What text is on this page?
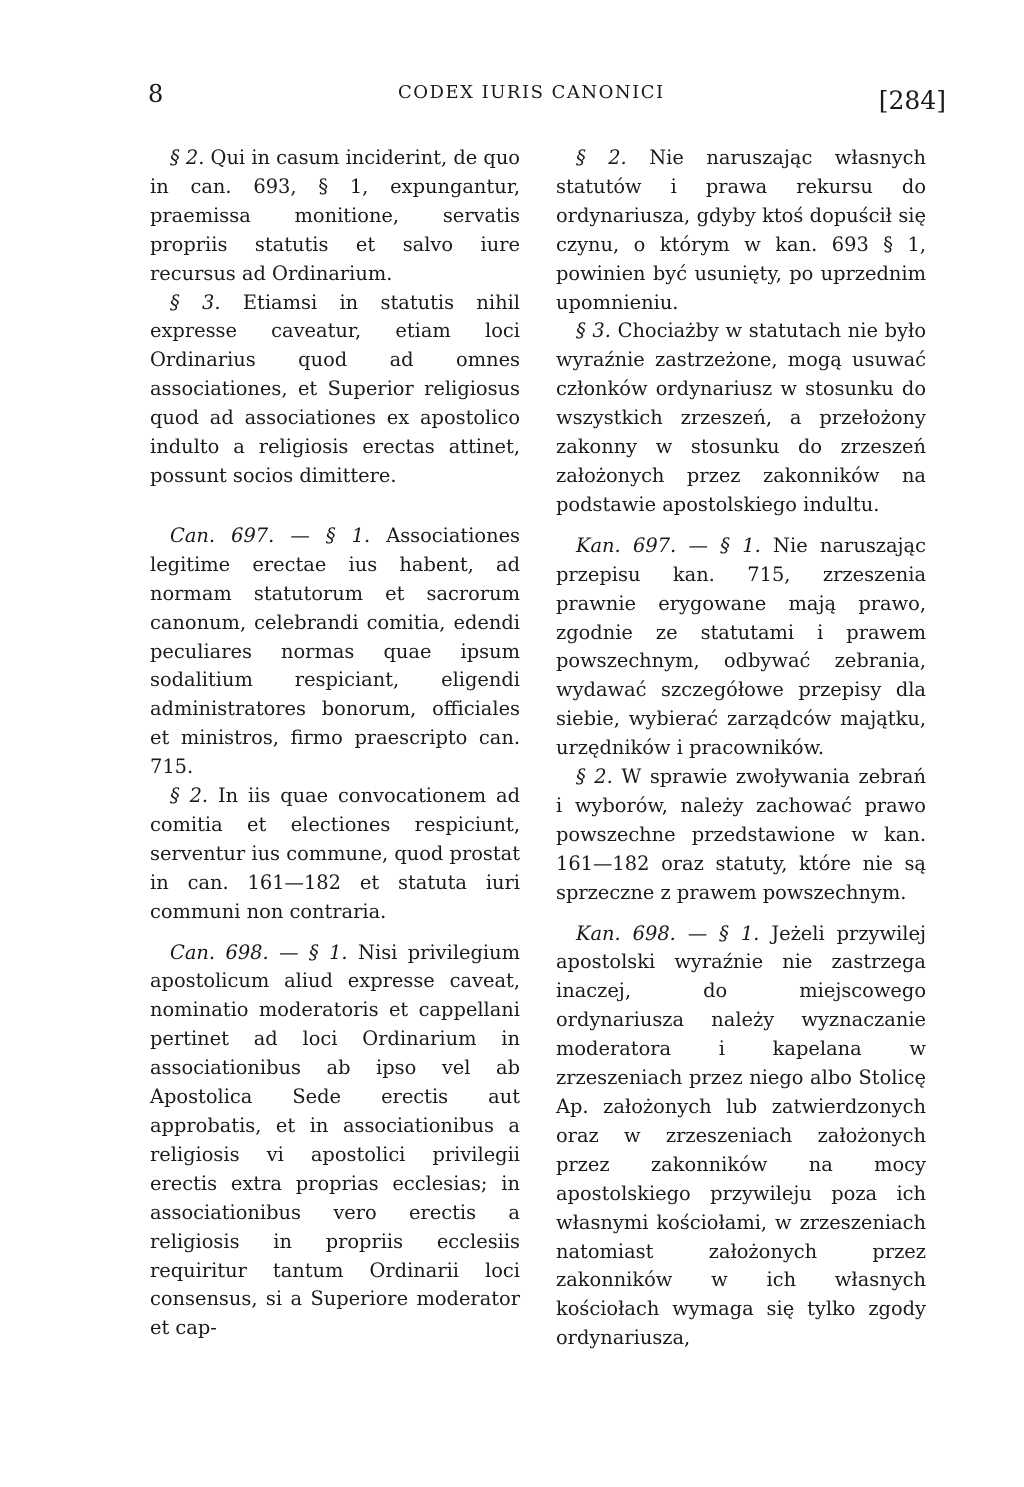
8	CODEX IURIS CANONICI	[284]

§ 2. Qui in casum inciderint, de quo in can. 693, § 1, expungantur, praemissa monitione, servatis propriis statutis et salvo iure recursus ad Ordinarium.

§ 3. Etiamsi in statutis nihil expresse caveatur, etiam loci Ordinarius quod ad omnes associationes, et Superior religiosus quod ad associationes ex apostolico indulto a religiosis erectas attinet, possunt socios dimittere.

Can. 697. — § 1. Associationes legitime erectae ius habent, ad normam statutorum et sacrorum canonum, celebrandi comitia, edendi peculiares normas quae ipsum sodalitium respiciant, eligendi administratores bonorum, officiales et ministros, firmo praescripto can. 715.

§ 2. In iis quae convocationem ad comitia et electiones respiciunt, serventur ius commune, quod prostat in can. 161—182 et statuta iuri communi non contraria.

Can. 698. — § 1. Nisi privilegium apostolicum aliud expresse caveat, nominatio moderatoris et cappellani pertinet ad loci Ordinarium in associationibus ab ipso vel ab Apostolica Sede erectis aut approbatis, et in associationibus a religiosis vi apostolici privilegii erectis extra proprias ecclesias; in associationibus vero erectis a religiosis in propriis ecclesiis requiritur tantum Ordinarii loci consensus, si a Superiore moderator et cap-

§ 2. Nie naruszając własnych statutów i prawa rekursu do ordynariusza, gdyby ktoś dopuścił się czynu, o którym w kan. 693 § 1, powinien być usunięty, po uprzednim upomnieniu.

§ 3. Chociażby w statutach nie było wyraźnie zastrzeżone, mogą usuwać członków ordynariusz w stosunku do wszystkich zrzeszeń, a przełożony zakonny w stosunku do zrzeszeń założonych przez zakonników na podstawie apostolskiego indultu.

Kan. 697. — § 1. Nie naruszając przepisu kan. 715, zrzeszenia prawnie erygowane mają prawo, zgodnie ze statutami i prawem powszechnym, odbywać zebrania, wydawać szczegółowe przepisy dla siebie, wybierać zarządców majątku, urzędników i pracowników.

§ 2. W sprawie zwoływania zebrań i wyborów, należy zachować prawo powszechne przedstawione w kan. 161—182 oraz statuty, które nie są sprzeczne z prawem powszechnym.

Kan. 698. — § 1. Jeżeli przywilej apostolski wyraźnie nie zastrzega inaczej, do miejscowego ordynariusza należy wyznaczanie moderatora i kapelana w zrzeszeniach przez niego albo Stolicę Ap. założonych lub zatwierdzonych oraz w zrzeszeniach założonych przez zakonników na mocy apostolskiego przywileju poza ich własnymi kościołami, w zrzeszeniach natomiast założonych przez zakonników w ich własnych kościołach wymaga się tylko zgody ordynariusza,
